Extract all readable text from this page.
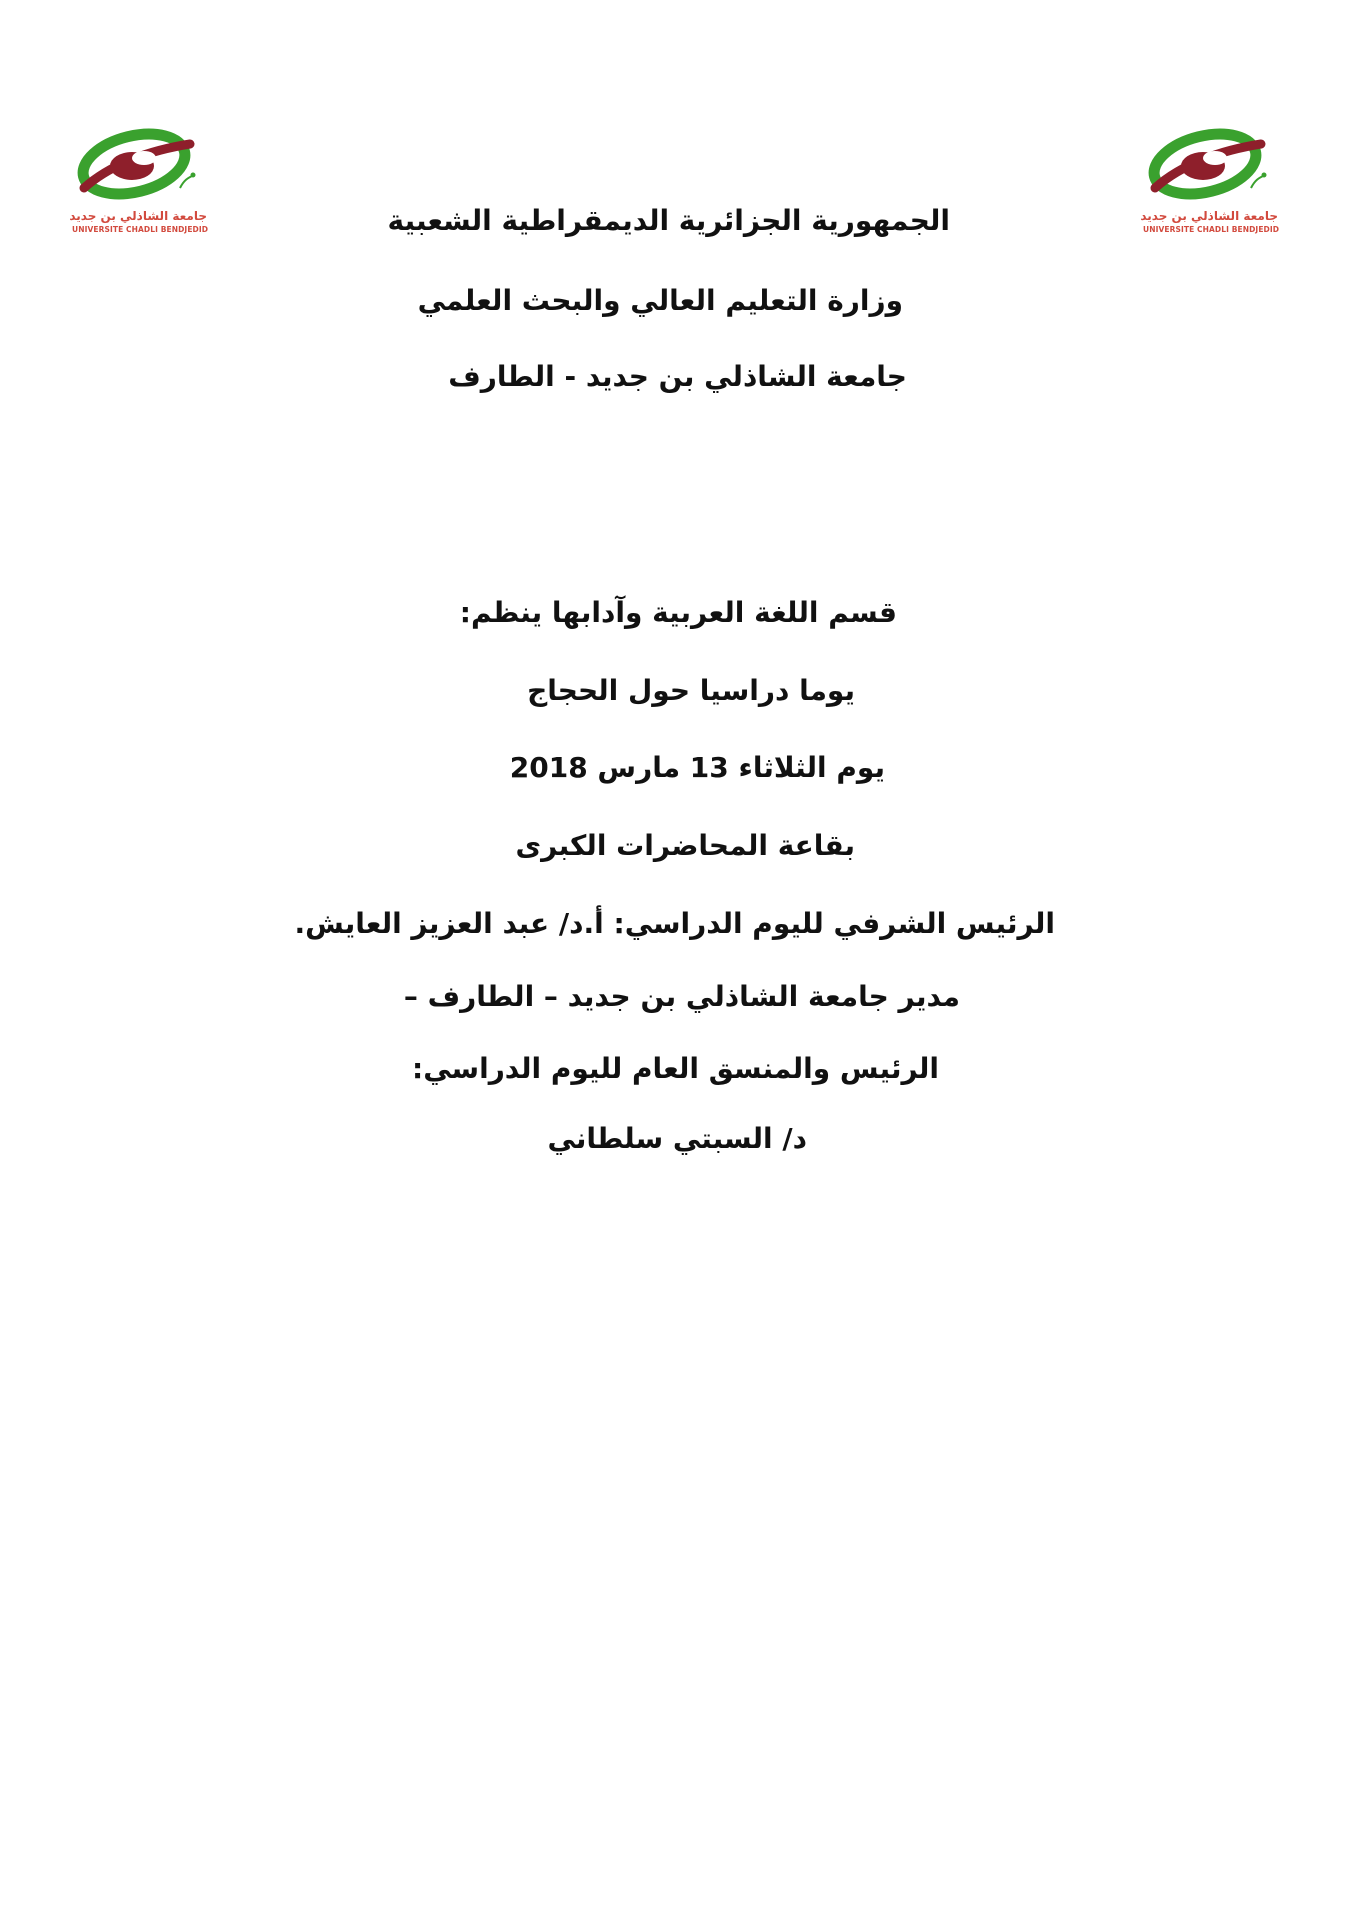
جامعة الشاذلي بن جديد
UNIVERSITE CHADLI BENDJEDID
جامعة الشاذلي بن جديد
UNIVERSITE CHADLI BENDJEDID
الجمهورية الجزائرية الديمقراطية الشعبية
وزارة التعليم العالي والبحث العلمي
جامعة الشاذلي بن جديد - الطارف
قسم اللغة العربية وآدابها ينظم:
يوما دراسيا حول الحجاج
يوم الثلاثاء 13 مارس 2018
بقاعة المحاضرات الكبرى
الرئيس الشرفي لليوم الدراسي: أ.د/ عبد العزيز العايش.
مدير جامعة الشاذلي بن جديد – الطارف –
الرئيس والمنسق العام لليوم الدراسي:
د/ السبتي سلطاني
